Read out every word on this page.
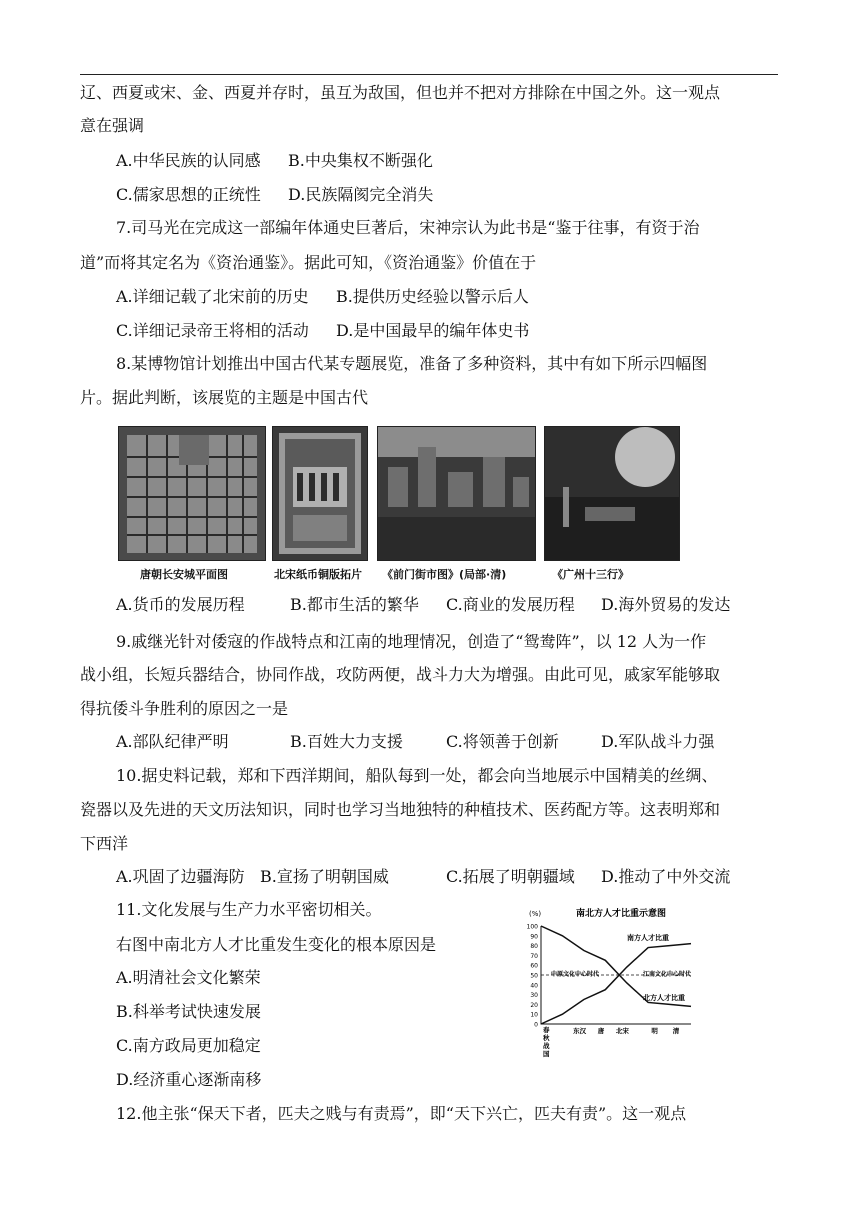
辽、西夏或宋、金、西夏并存时，虽互为敌国，但也并不把对方排除在中国之外。这一观点
意在强调
A.中华民族的认同感 B.中央集权不断强化
C.儒家思想的正统性 D.民族隔阂完全消失
7.司马光在完成这一部编年体通史巨著后，宋神宗认为此书是“鉴于往事，有资于治
道”而将其定名为《资治通鉴》。据此可知，《资治通鉴》价值在于
A.详细记载了北宋前的历史 B.提供历史经验以警示后人
C.详细记录帝王将相的活动 D.是中国最早的编年体史书
8.某博物馆计划推出中国古代某专题展览，准备了多种资料，其中有如下所示四幅图
片。据此判断，该展览的主题是中国古代
唐朝长安城平面图	北宋纸币铜版拓片 《前门街市图》(局部·清)	《广州十三行》
A.货币的发展历程	B.都市生活的繁华 C.商业的发展历程 D.海外贸易的发达
9.戚继光针对倭寇的作战特点和江南的地理情况，创造了“鸳鸯阵”，以 12 人为一作
战小组，长短兵器结合，协同作战，攻防两便，战斗力大为增强。由此可见，戚家军能够取
得抗倭斗争胜利的原因之一是
A.部队纪律严明	B.百姓大力支援	C.将领善于创新	D.军队战斗力强
10.据史料记载，郑和下西洋期间，船队每到一处，都会向当地展示中国精美的丝绸、
瓷器以及先进的天文历法知识，同时也学习当地独特的种植技术、医药配方等。这表明郑和
下西洋
A.巩固了边疆海防 B.宣扬了明朝国威	C.拓展了明朝疆域 D.推动了中外交流
11.文化发展与生产力水平密切相关。
右图中南北方人才比重发生变化的根本原因是
A.明清社会文化繁荣
B.科举考试快速发展
C.南方政局更加稳定
D.经济重心逐渐南移
南北方人才比重示意图
(%)
100
90
80
70
60
50
40
30
20
10
0
春秋战国
东汉 唐 北宋	明 清
中原文化中心时代	江南文化中心时代
南方人才比重
北方人才比重
12.他主张“保天下者，匹夫之贱与有责焉”，即“天下兴亡，匹夫有责”。这一观点
